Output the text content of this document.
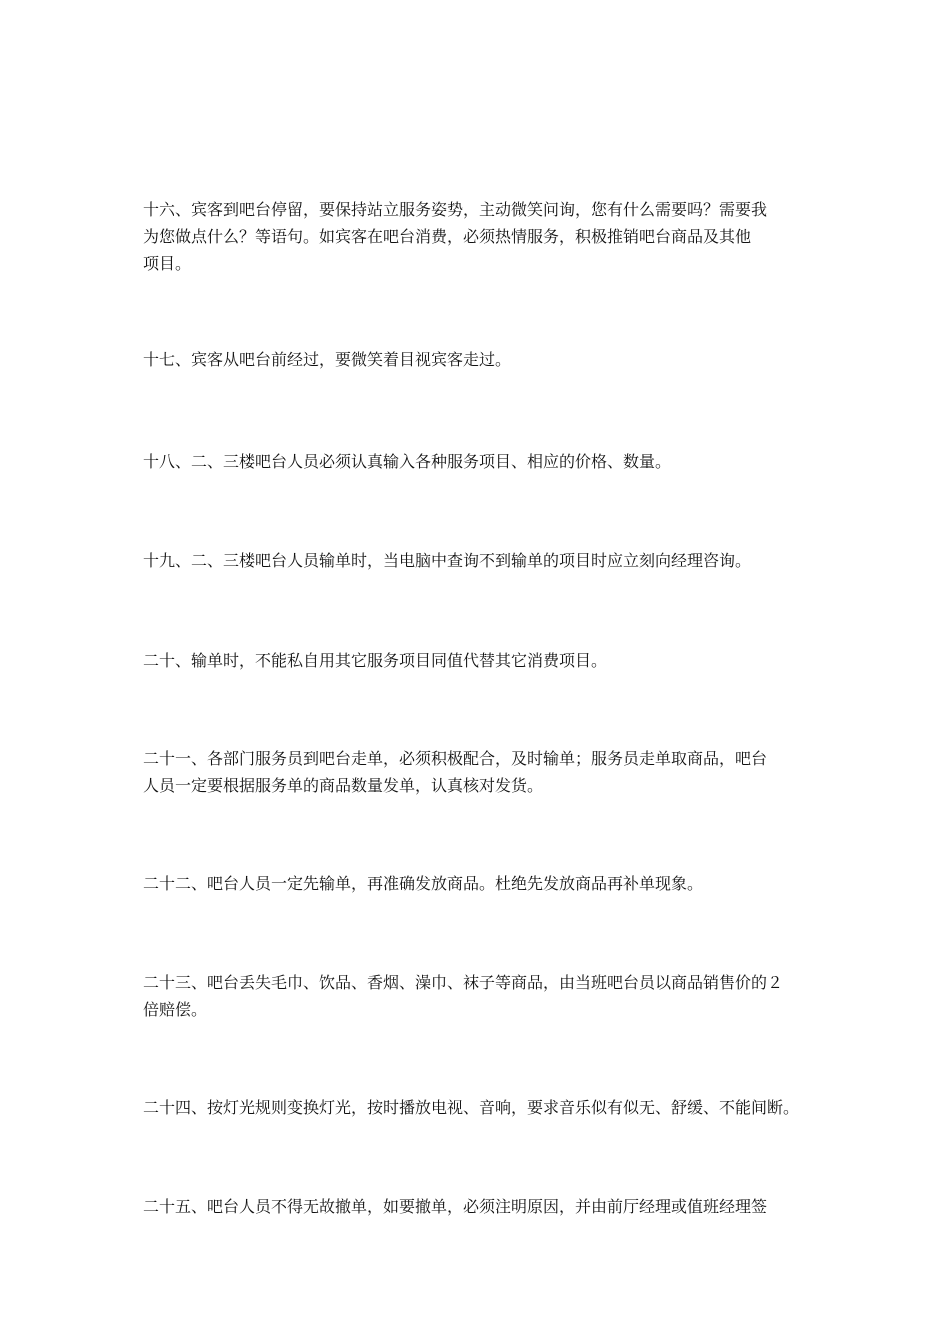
十六、宾客到吧台停留，要保持站立服务姿势，主动微笑问询，您有什么需要吗？需要我
为您做点什么？等语句。如宾客在吧台消费，必须热情服务，积极推销吧台商品及其他
项目。

十七、宾客从吧台前经过，要微笑着目视宾客走过。

十八、二、三楼吧台人员必须认真输入各种服务项目、相应的价格、数量。

十九、二、三楼吧台人员输单时，当电脑中查询不到输单的项目时应立刻向经理咨询。

二十、输单时，不能私自用其它服务项目同值代替其它消费项目。

二十一、各部门服务员到吧台走单，必须积极配合，及时输单；服务员走单取商品，吧台
人员一定要根据服务单的商品数量发单，认真核对发货。

二十二、吧台人员一定先输单，再准确发放商品。杜绝先发放商品再补单现象。

二十三、吧台丢失毛巾、饮品、香烟、澡巾、袜子等商品，由当班吧台员以商品销售价的２
倍赔偿。

二十四、按灯光规则变换灯光，按时播放电视、音响，要求音乐似有似无、舒缓、不能间断。

二十五、吧台人员不得无故撤单，如要撤单，必须注明原因，并由前厅经理或值班经理签
